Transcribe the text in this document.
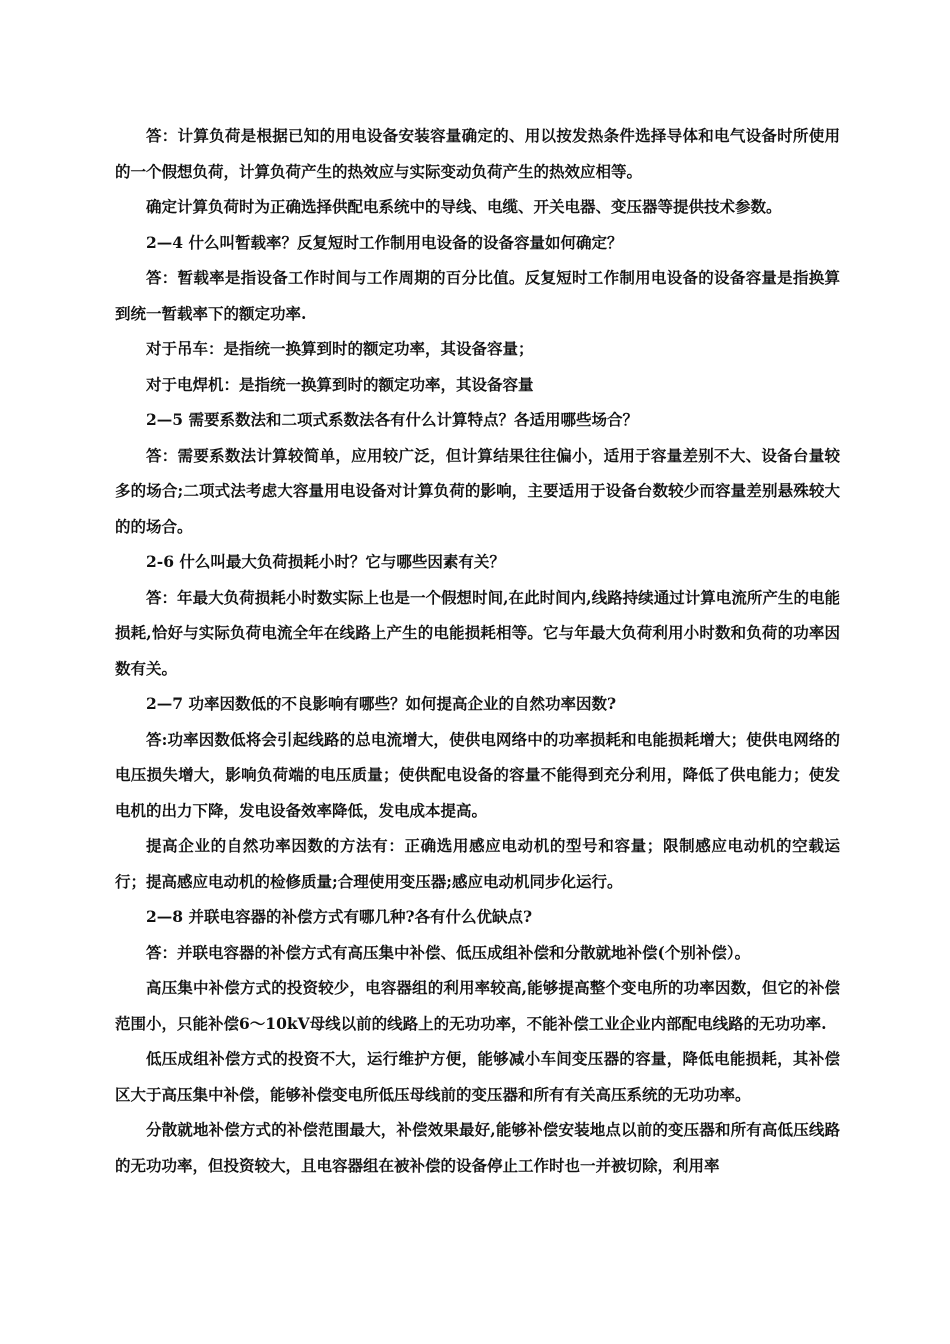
答：计算负荷是根据已知的用电设备安装容量确定的、用以按发热条件选择导体和电气设备时所使用的一个假想负荷，计算负荷产生的热效应与实际变动负荷产生的热效应相等。

确定计算负荷时为正确选择供配电系统中的导线、电缆、开关电器、变压器等提供技术参数。

2—4 什么叫暂载率？反复短时工作制用电设备的设备容量如何确定？

答：暂载率是指设备工作时间与工作周期的百分比值。反复短时工作制用电设备的设备容量是指换算到统一暂载率下的额定功率.

对于吊车：是指统一换算到时的额定功率，其设备容量；

对于电焊机：是指统一换算到时的额定功率，其设备容量

2—5 需要系数法和二项式系数法各有什么计算特点？各适用哪些场合？

答：需要系数法计算较简单，应用较广泛，但计算结果往往偏小，适用于容量差别不大、设备台量较多的场合;二项式法考虑大容量用电设备对计算负荷的影响，主要适用于设备台数较少而容量差别悬殊较大的的场合。

2-6 什么叫最大负荷损耗小时？它与哪些因素有关？

答：年最大负荷损耗小时数实际上也是一个假想时间,在此时间内,线路持续通过计算电流所产生的电能损耗,恰好与实际负荷电流全年在线路上产生的电能损耗相等。它与年最大负荷利用小时数和负荷的功率因数有关。

2—7 功率因数低的不良影响有哪些？如何提高企业的自然功率因数?

答:功率因数低将会引起线路的总电流增大，使供电网络中的功率损耗和电能损耗增大；使供电网络的电压损失增大，影响负荷端的电压质量；使供配电设备的容量不能得到充分利用，降低了供电能力；使发电机的出力下降，发电设备效率降低，发电成本提高。

提高企业的自然功率因数的方法有：正确选用感应电动机的型号和容量；限制感应电动机的空载运行；提高感应电动机的检修质量;合理使用变压器;感应电动机同步化运行。

2—8 并联电容器的补偿方式有哪几种?各有什么优缺点?

答：并联电容器的补偿方式有高压集中补偿、低压成组补偿和分散就地补偿(个别补偿）。

高压集中补偿方式的投资较少，电容器组的利用率较高,能够提高整个变电所的功率因数，但它的补偿范围小，只能补偿6～10kV母线以前的线路上的无功功率，不能补偿工业企业内部配电线路的无功功率.

低压成组补偿方式的投资不大，运行维护方便，能够减小车间变压器的容量，降低电能损耗，其补偿区大于高压集中补偿，能够补偿变电所低压母线前的变压器和所有有关高压系统的无功功率。

分散就地补偿方式的补偿范围最大，补偿效果最好,能够补偿安装地点以前的变压器和所有高低压线路的无功功率，但投资较大，且电容器组在被补偿的设备停止工作时也一并被切除，利用率
